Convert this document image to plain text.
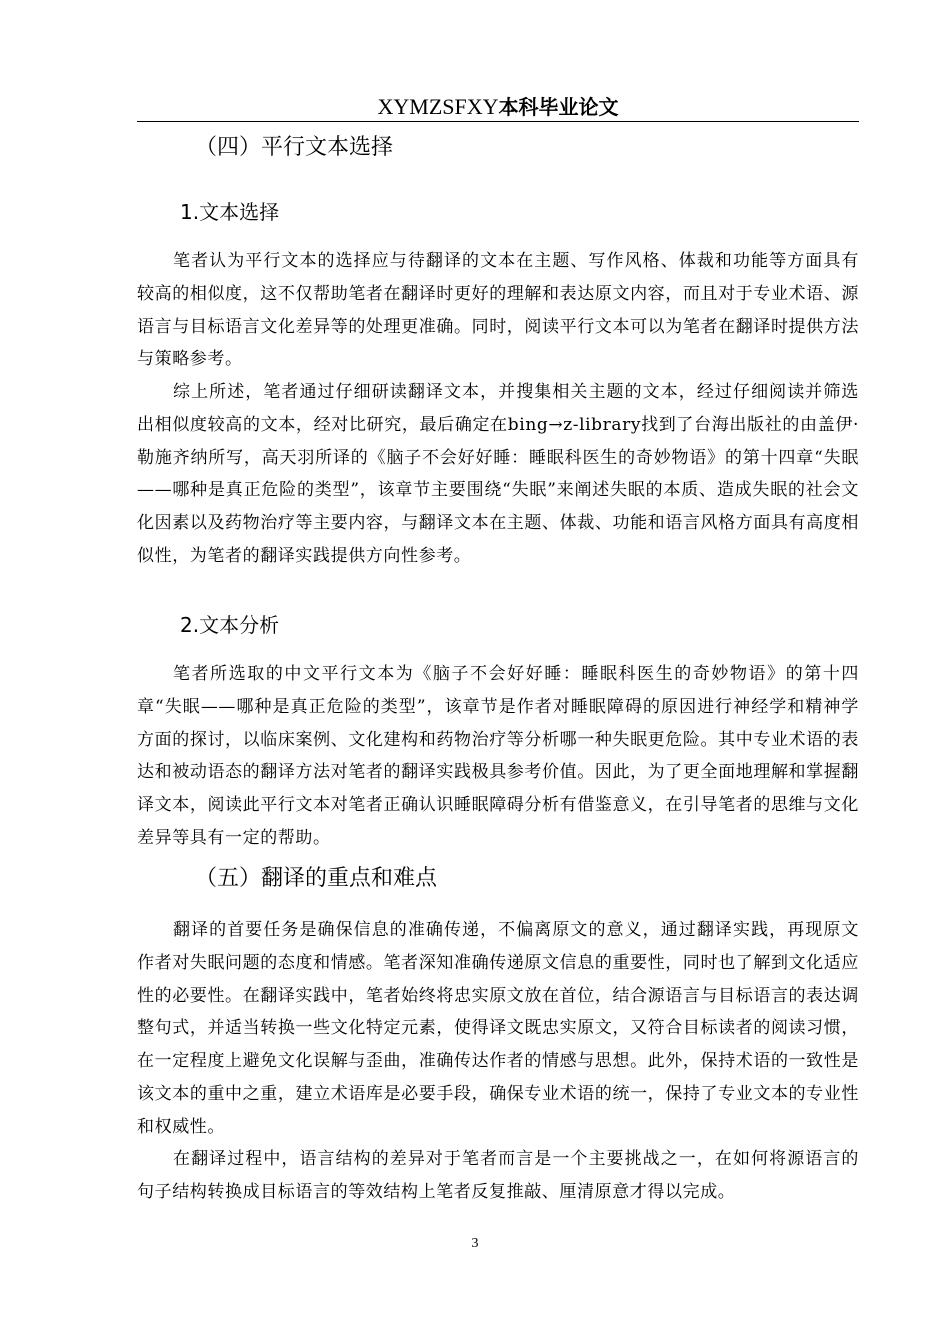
XYMZSFXY本科毕业论文
（四）平行文本选择
1.文本选择
笔者认为平行文本的选择应与待翻译的文本在主题、写作风格、体裁和功能等方面具有较高的相似度，这不仅帮助笔者在翻译时更好的理解和表达原文内容，而且对于专业术语、源语言与目标语言文化差异等的处理更准确。同时，阅读平行文本可以为笔者在翻译时提供方法与策略参考。
综上所述，笔者通过仔细研读翻译文本，并搜集相关主题的文本，经过仔细阅读并筛选出相似度较高的文本，经对比研究，最后确定在bing→z-library找到了台海出版社的由盖伊·勒施齐纳所写，高天羽所译的《脑子不会好好睡：睡眠科医生的奇妙物语》的第十四章“失眠——哪种是真正危险的类型”，该章节主要围绕“失眠”来阐述失眠的本质、造成失眠的社会文化因素以及药物治疗等主要内容，与翻译文本在主题、体裁、功能和语言风格方面具有高度相似性，为笔者的翻译实践提供方向性参考。
2.文本分析
笔者所选取的中文平行文本为《脑子不会好好睡：睡眠科医生的奇妙物语》的第十四章“失眠——哪种是真正危险的类型”，该章节是作者对睡眠障碍的原因进行神经学和精神学方面的探讨，以临床案例、文化建构和药物治疗等分析哪一种失眠更危险。其中专业术语的表达和被动语态的翻译方法对笔者的翻译实践极具参考价值。因此，为了更全面地理解和掌握翻译文本，阅读此平行文本对笔者正确认识睡眠障碍分析有借鉴意义，在引导笔者的思维与文化差异等具有一定的帮助。
（五）翻译的重点和难点
翻译的首要任务是确保信息的准确传递，不偏离原文的意义，通过翻译实践，再现原文作者对失眠问题的态度和情感。笔者深知准确传递原文信息的重要性，同时也了解到文化适应性的必要性。在翻译实践中，笔者始终将忠实原文放在首位，结合源语言与目标语言的表达调整句式，并适当转换一些文化特定元素，使得译文既忠实原文，又符合目标读者的阅读习惯，在一定程度上避免文化误解与歪曲，准确传达作者的情感与思想。此外，保持术语的一致性是该文本的重中之重，建立术语库是必要手段，确保专业术语的统一，保持了专业文本的专业性和权威性。
在翻译过程中，语言结构的差异对于笔者而言是一个主要挑战之一，在如何将源语言的句子结构转换成目标语言的等效结构上笔者反复推敲、厘清原意才得以完成。
3
